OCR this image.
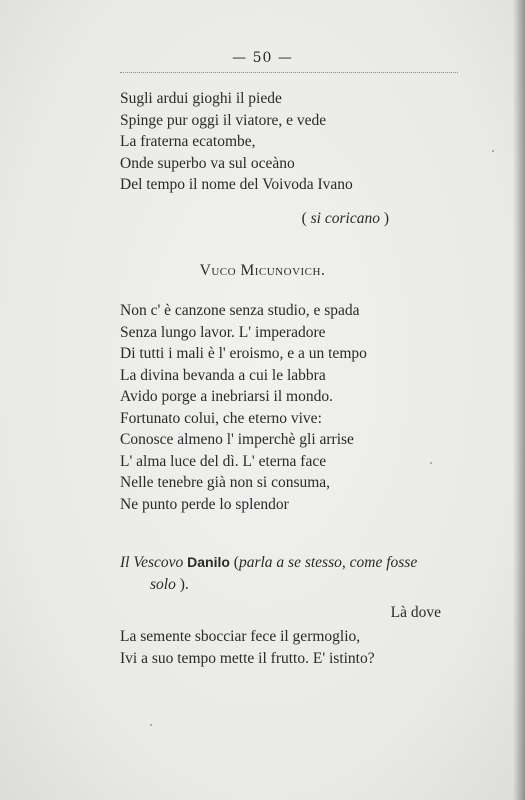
— 50 —
Sugli ardui gioghi il piede
Spinge pur oggi il viatore, e vede
La fraterna ecatombe,
Onde superbo va sul oceàno
Del tempo il nome del Voivoda Ivano
( si coricano )
Vuco Micunovich.
Non c' è canzone senza studio, e spada
Senza lungo lavor. L' imperadore
Di tutti i mali è l' eroismo, e a un tempo
La divina bevanda a cui le labbra
Avido porge a inebriarsi il mondo.
Fortunato colui, che eterno vive:
Conosce almeno l' imperchè gli arrise
L' alma luce del dì. L' eterna face
Nelle tenebre già non si consuma,
Ne punto perde lo splendor
Il Vescovo Danilo (parla a se stesso, come fosse
solo ).
Là dove
La semente sbocciar fece il germoglio,
Ivi a suo tempo mette il frutto. E' istinto?
